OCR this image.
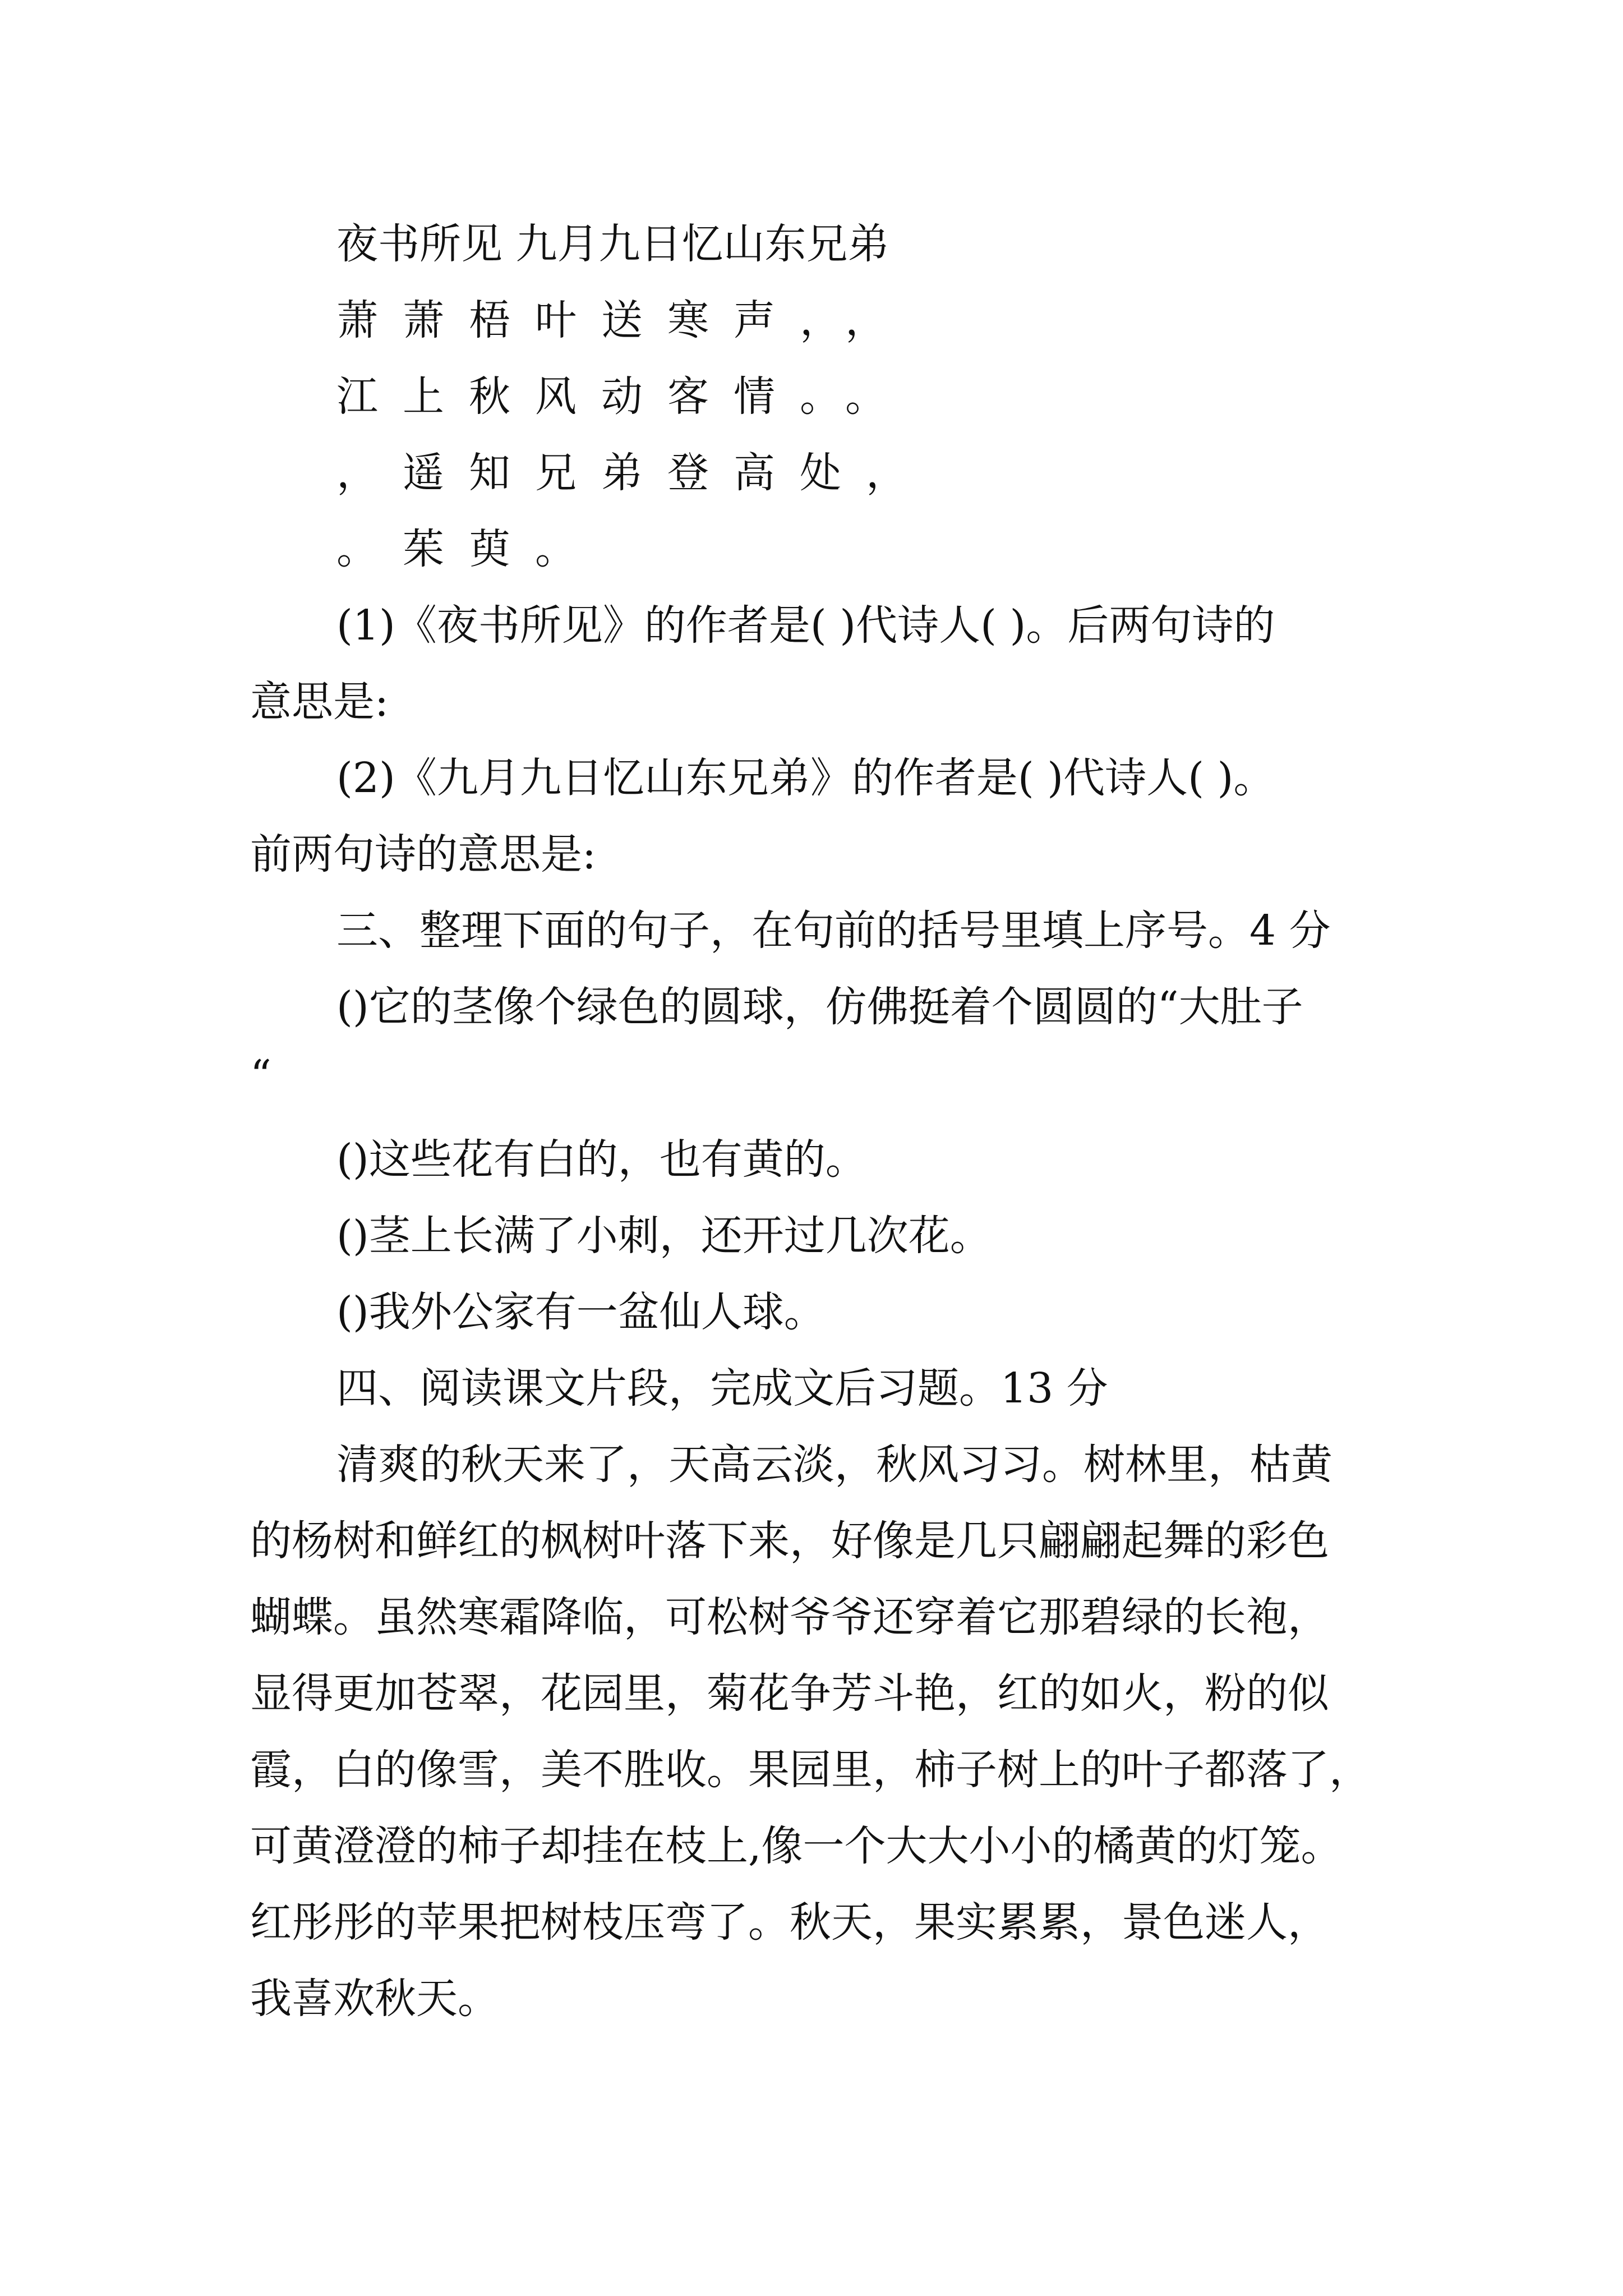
夜书所见 九月九日忆山东兄弟

萧萧梧叶送寒声，，

江上秋风动客情。。

，遥知兄弟登高处，

。茱萸。

(1)《夜书所见》的作者是( )代诗人( )。后两句诗的

意思是:

(2)《九月九日忆山东兄弟》的作者是( )代诗人( )。

前两句诗的意思是:

三、整理下面的句子，在句前的括号里填上序号。4 分

()它的茎像个绿色的圆球，仿佛挺着个圆圆的“大肚子

“

()这些花有白的，也有黄的。

()茎上长满了小刺，还开过几次花。

()我外公家有一盆仙人球。

四、阅读课文片段，完成文后习题。13 分

清爽的秋天来了，天高云淡，秋风习习。树林里，枯黄

的杨树和鲜红的枫树叶落下来，好像是几只翩翩起舞的彩色

蝴蝶。虽然寒霜降临，可松树爷爷还穿着它那碧绿的长袍，

显得更加苍翠，花园里，菊花争芳斗艳，红的如火，粉的似

霞，白的像雪，美不胜收。果园里，柿子树上的叶子都落了，

可黄澄澄的柿子却挂在枝上,像一个大大小小的橘黄的灯笼。

红彤彤的苹果把树枝压弯了。秋天，果实累累，景色迷人，

我喜欢秋天。
